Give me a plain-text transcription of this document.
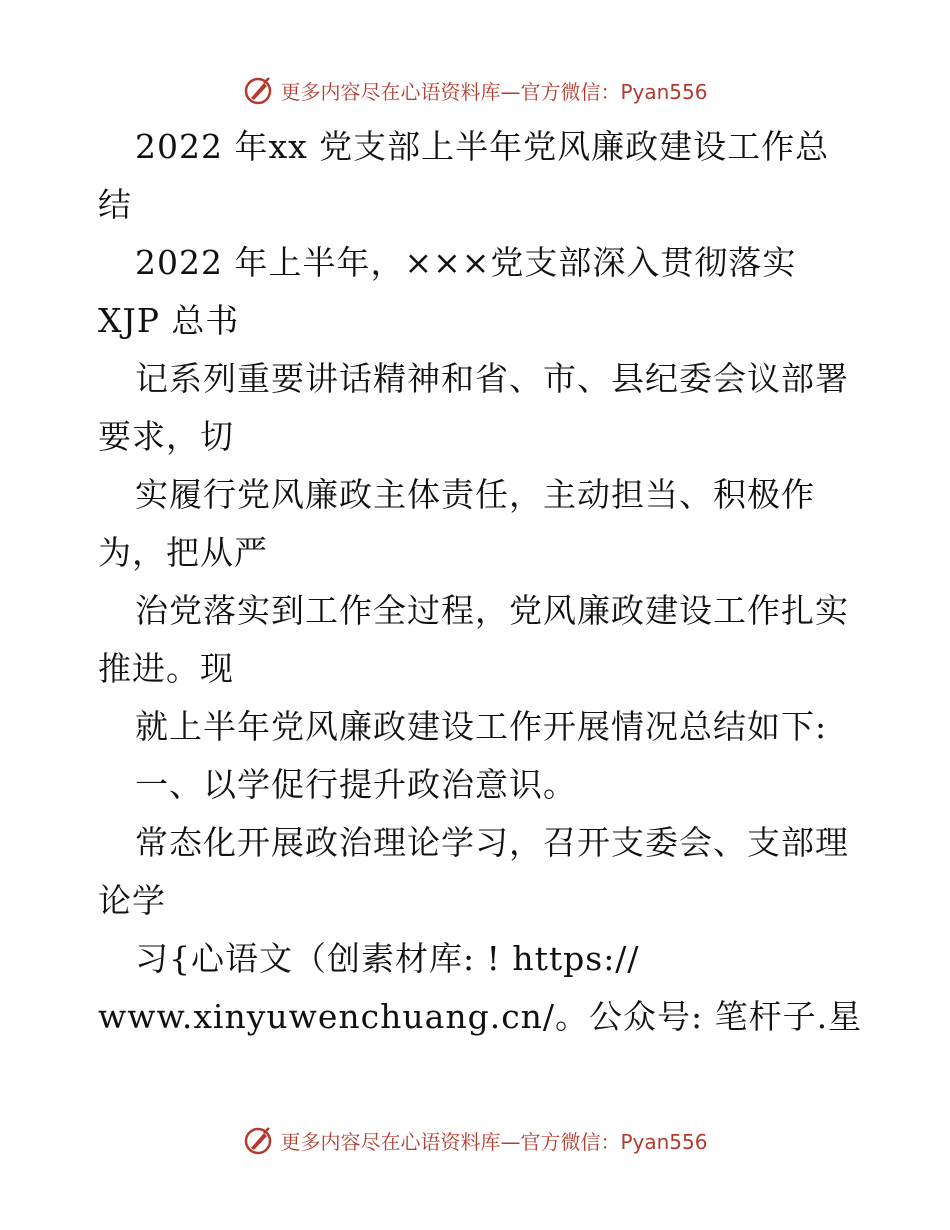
更多内容尽在心语资料库—官方微信：Pyan556
2022 年xx 党支部上半年党风廉政建设工作总
结
2022 年上半年，×××党支部深入贯彻落实
XJP 总书
记系列重要讲话精神和省、市、县纪委会议部署
要求，切
实履行党风廉政主体责任，主动担当、积极作
为，把从严
治党落实到工作全过程，党风廉政建设工作扎实
推进。现
就上半年党风廉政建设工作开展情况总结如下:
一、以学促行提升政治意识。
常态化开展政治理论学习，召开支委会、支部理
论学
习{心语文（创素材库: ! https://
www.xinyuwenchuang.cn/。公众号: 笔杆子.星
更多内容尽在心语资料库—官方微信：Pyan556
